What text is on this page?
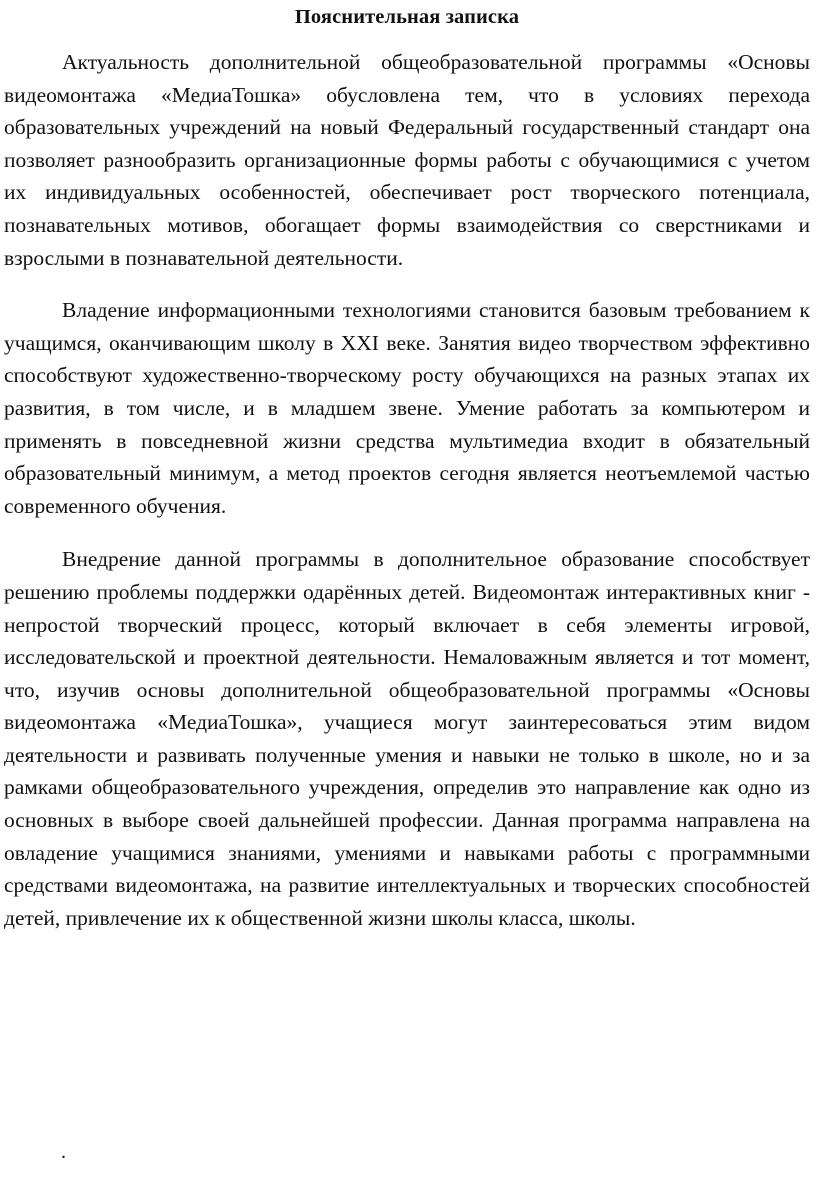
Пояснительная записка

Актуальность дополнительной общеобразовательной программы «Основы видеомонтажа «МедиаТошка» обусловлена тем, что в условиях перехода образовательных учреждений на новый Федеральный государственный стандарт она позволяет разнообразить организационные формы работы с обучающимися с учетом их индивидуальных особенностей, обеспечивает рост творческого потенциала, познавательных мотивов, обогащает формы взаимодействия со сверстниками и взрослыми в познавательной деятельности.

Владение информационными технологиями становится базовым требованием к учащимся, оканчивающим школу в XXI веке. Занятия видео творчеством эффективно способствуют художественно-творческому росту обучающихся на разных этапах их развития, в том числе, и в младшем звене. Умение работать за компьютером и применять в повседневной жизни средства мультимедиа входит в обязательный образовательный минимум, а метод проектов сегодня является неотъемлемой частью современного обучения.

Внедрение данной программы в дополнительное образование способствует решению проблемы поддержки одарённых детей. Видеомонтаж интерактивных книг - непростой творческий процесс, который включает в себя элементы игровой, исследовательской и проектной деятельности. Немаловажным является и тот момент, что, изучив основы дополнительной общеобразовательной программы «Основы видеомонтажа «МедиаТошка», учащиеся могут заинтересоваться этим видом деятельности и развивать полученные умения и навыки не только в школе, но и за рамками общеобразовательного учреждения, определив это направление как одно из основных в выборе своей дальнейшей профессии. Данная программа направлена на овладение учащимися знаниями, умениями и навыками работы с программными средствами видеомонтажа, на развитие интеллектуальных и творческих способностей детей, привлечение их к общественной жизни школы класса, школы.

.
